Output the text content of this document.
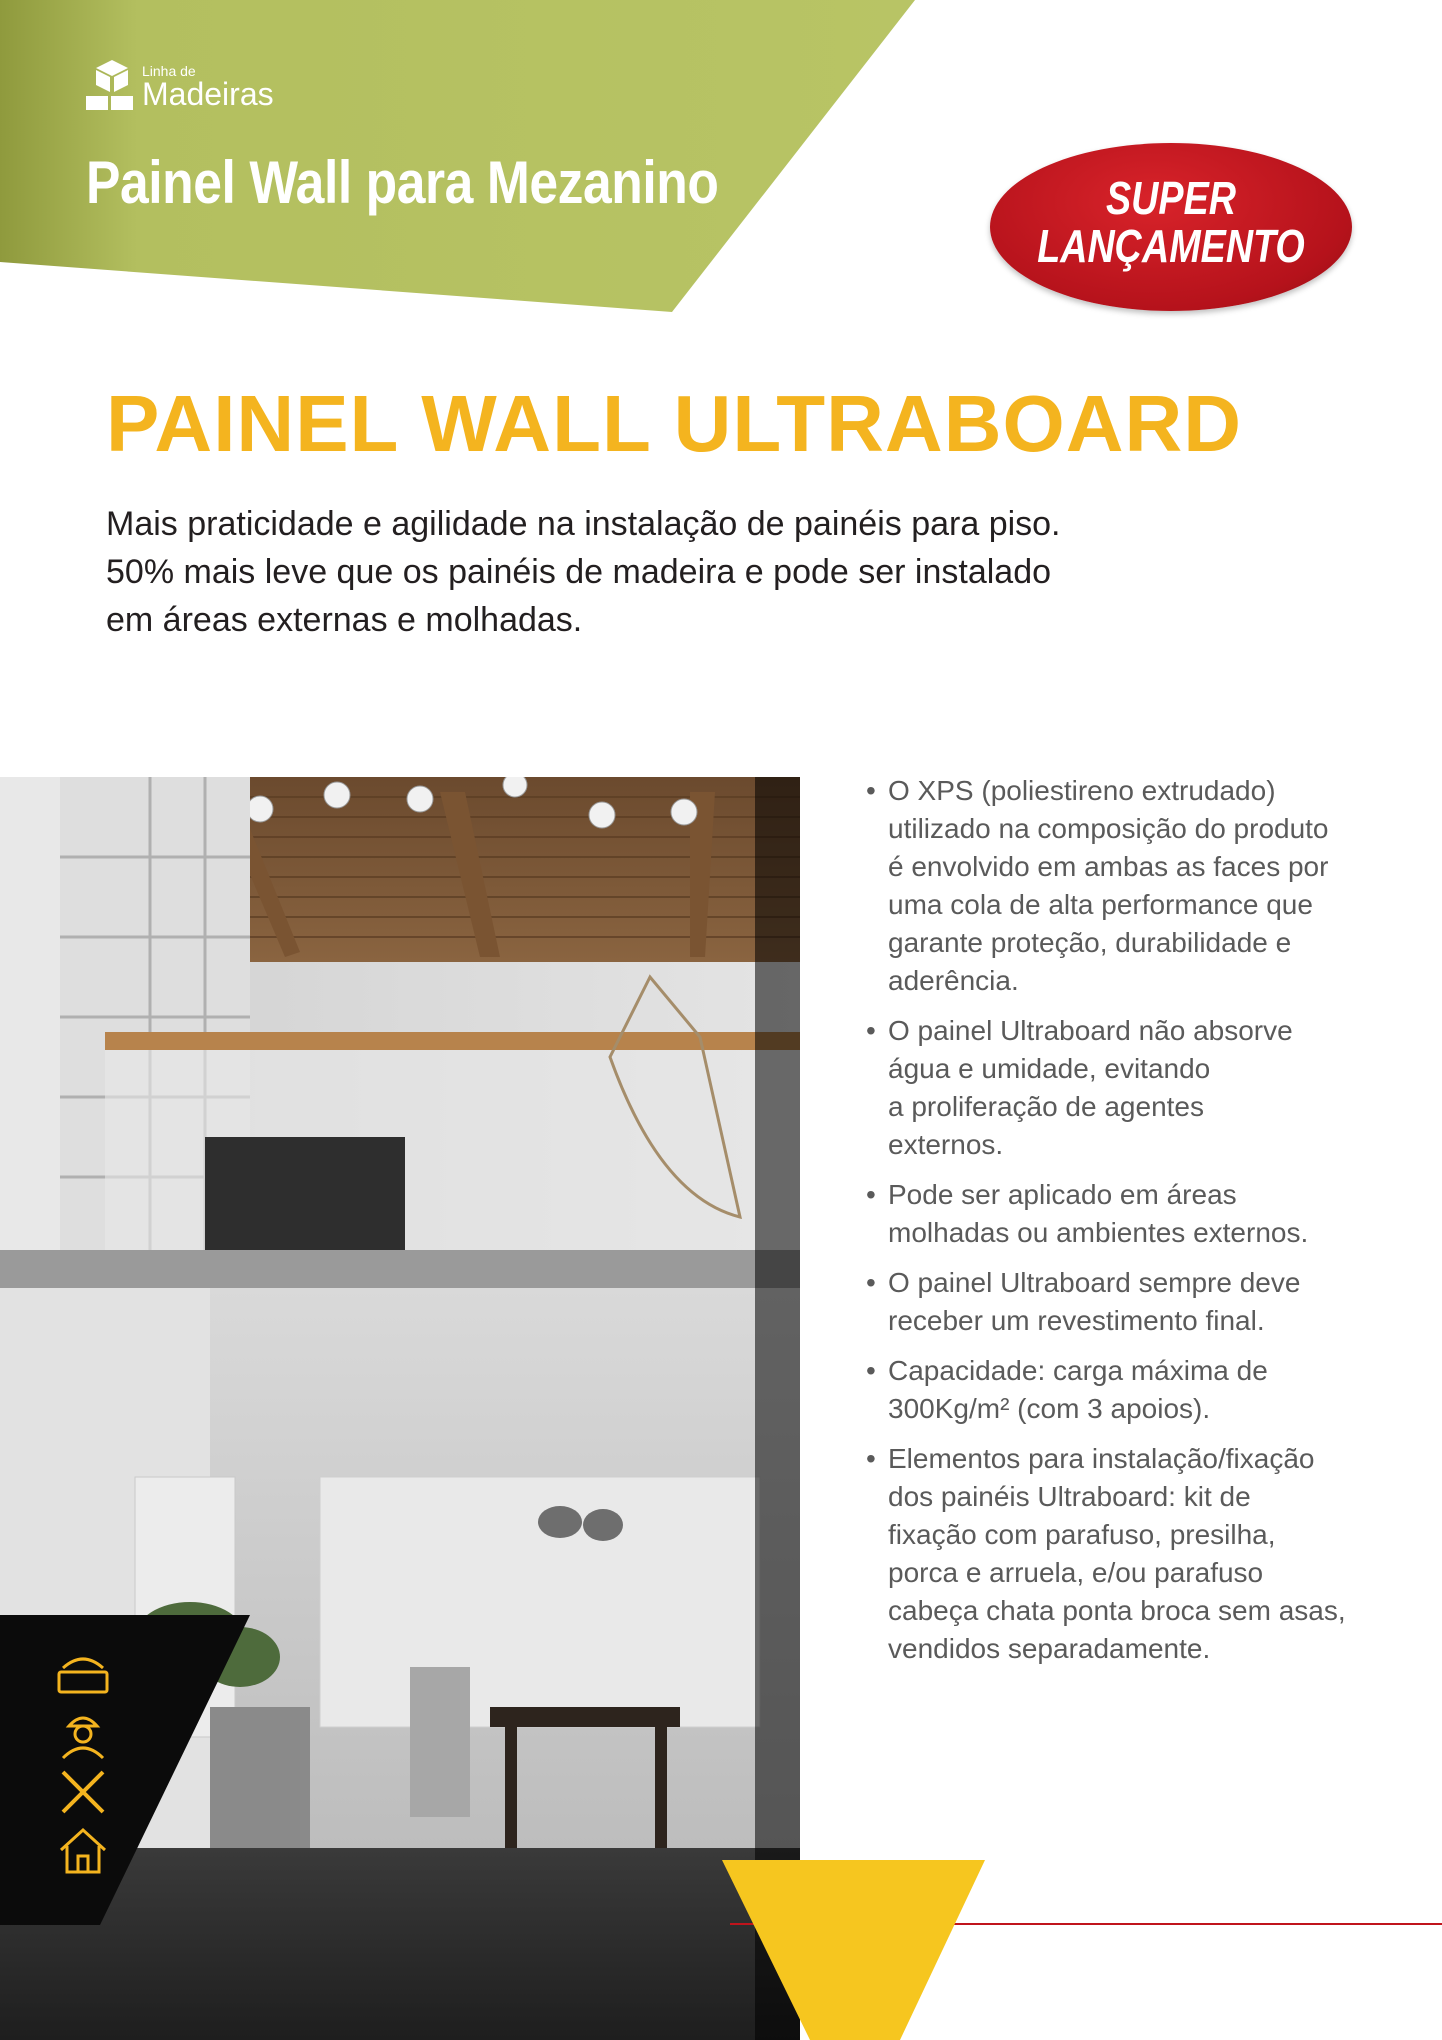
Linha de
Madeiras
Painel Wall para Mezanino	SUPER
LANÇAMENTO
PAINEL WALL ULTRABOARD
Mais praticidade e agilidade na instalação de painéis para piso.
50% mais leve que os painéis de madeira e pode ser instalado
em áreas externas e molhadas.
• O XPS (poliestireno extrudado)
utilizado na composição do produto
é envolvido em ambas as faces por
uma cola de alta performance que
garante proteção, durabilidade e
aderência.
• O painel Ultraboard não absorve
água e umidade, evitando
a proliferação de agentes
externos.
• Pode ser aplicado em áreas
molhadas ou ambientes externos.
• O painel Ultraboard sempre deve
receber um revestimento final.
• Capacidade: carga máxima de
300Kg/m² (com 3 apoios).
• Elementos para instalação/fixação
dos painéis Ultraboard: kit de
fixação com parafuso, presilha,
porca e arruela, e/ou parafuso
cabeça chata ponta broca sem asas,
vendidos separadamente.
